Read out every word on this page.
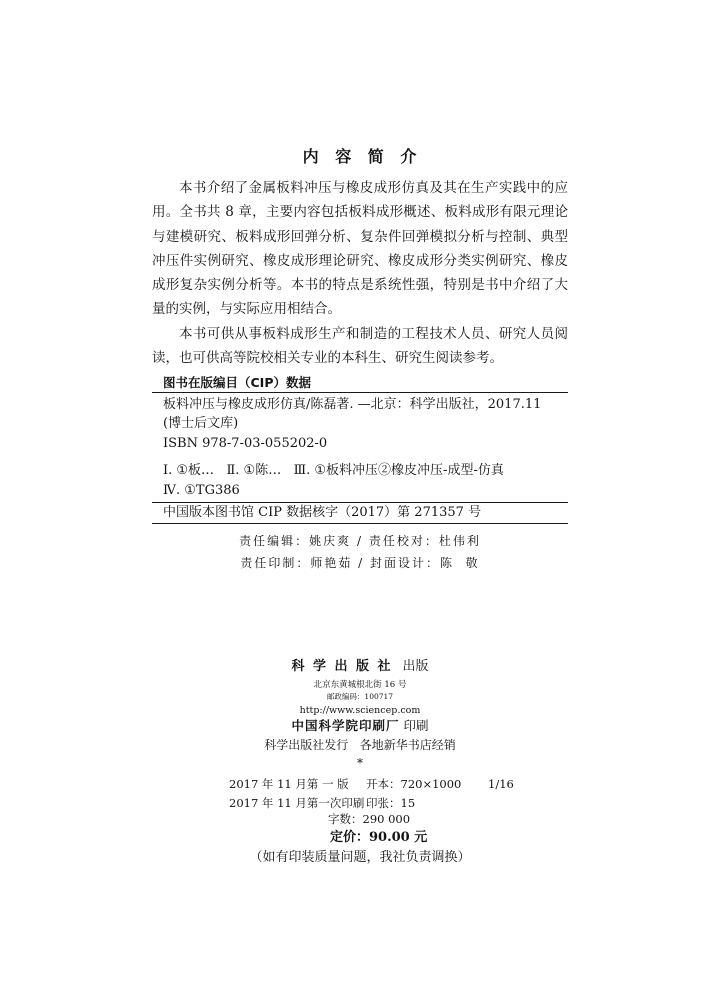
内 容 简 介
本书介绍了金属板料冲压与橡皮成形仿真及其在生产实践中的应
用。全书共 8 章，主要内容包括板料成形概述、板料成形有限元理论
与建模研究、板料成形回弹分析、复杂件回弹模拟分析与控制、典型
冲压件实例研究、橡皮成形理论研究、橡皮成形分类实例研究、橡皮
成形复杂实例分析等。本书的特点是系统性强，特别是书中介绍了大
量的实例，与实际应用相结合。
本书可供从事板料成形生产和制造的工程技术人员、研究人员阅
读，也可供高等院校相关专业的本科生、研究生阅读参考。
图书在版编目（CIP）数据
板料冲压与橡皮成形仿真/陈磊著. —北京：科学出版社，2017.11
(博士后文库)
ISBN 978-7-03-055202-0
Ⅰ. ①板…   Ⅱ. ①陈…   Ⅲ. ①板料冲压②橡皮冲压-成型-仿真
Ⅳ. ①TG386
中国版本图书馆 CIP 数据核字（2017）第 271357 号
责任编辑：姚庆爽 / 责任校对：杜伟利
责任印制：师艳茹 / 封面设计：陈  敬
科 学 出 版 社 出版
北京东黄城根北街 16 号
邮政编码：100717
http://www.sciencep.com
中国科学院印刷厂 印刷
科学出版社发行   各地新华书店经销
*
2017 年 11 月第 一 版 开本：720×1000 1/16
2017 年 11 月第一次印刷 印张：15
字数：290 000
定价：90.00 元
（如有印装质量问题，我社负责调换）
